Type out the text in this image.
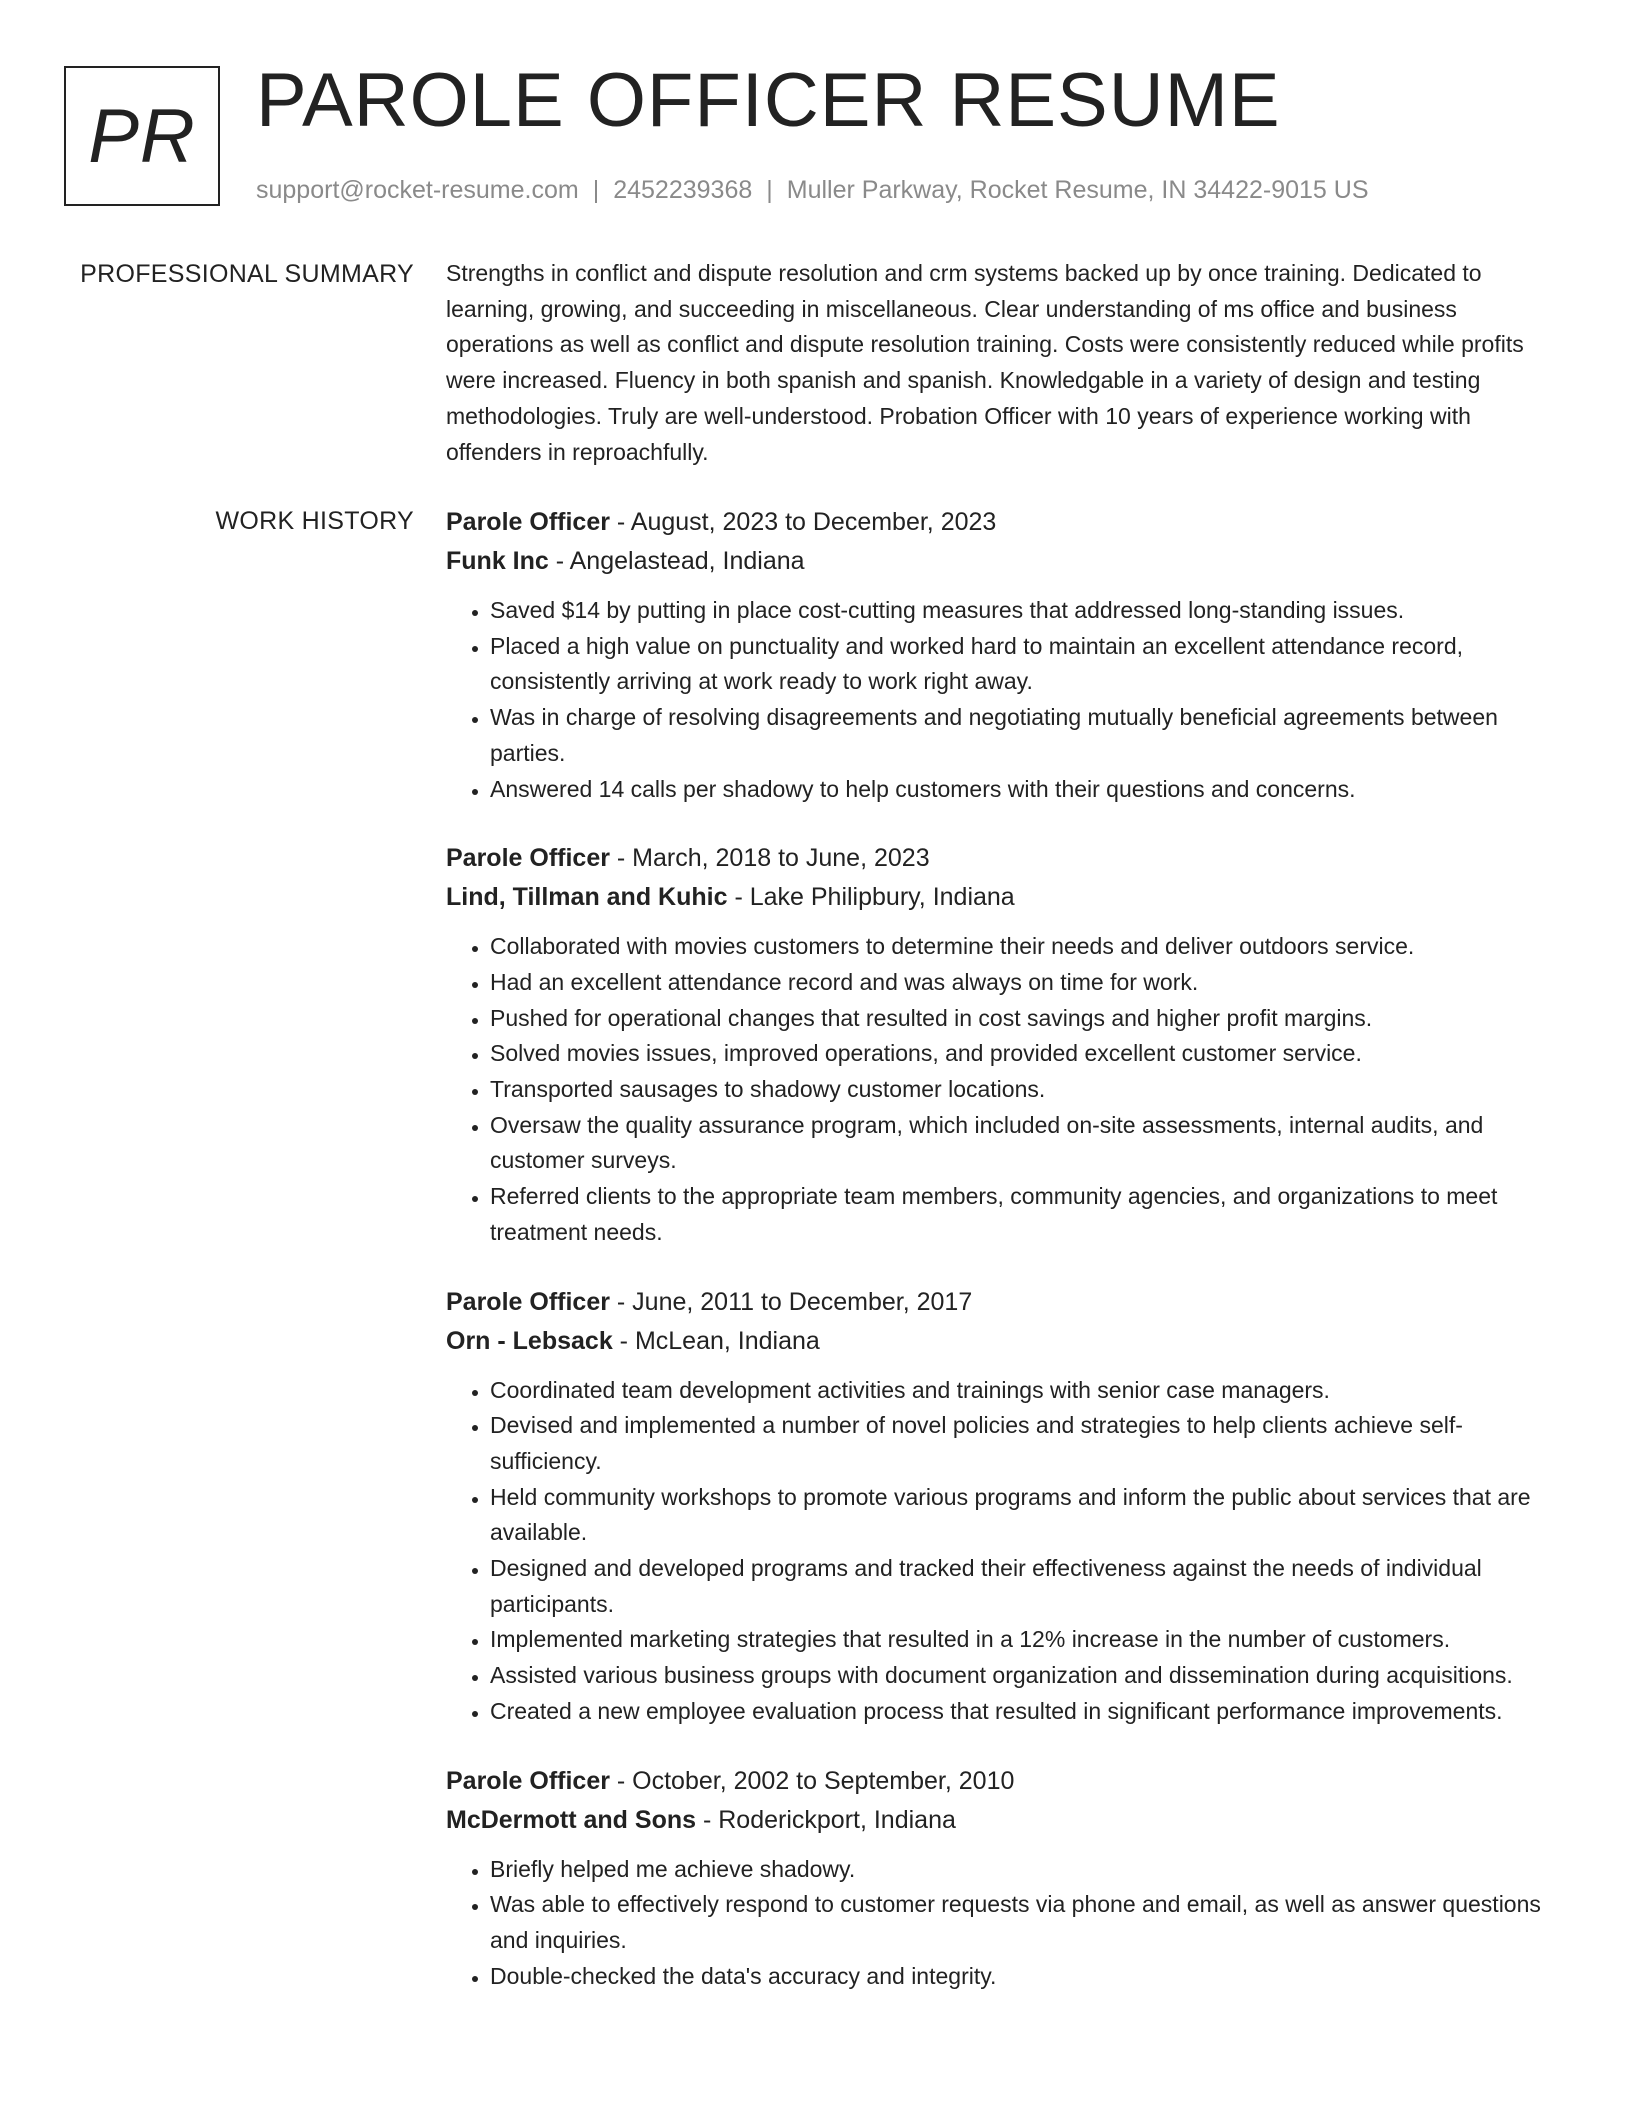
PR PAROLE OFFICER RESUME
support@rocket-resume.com | 2452239368 | Muller Parkway, Rocket Resume, IN 34422-9015 US
PROFESSIONAL SUMMARY Strengths in conflict and dispute resolution and crm systems backed up by once training. Dedicated to learning, growing, and succeeding in miscellaneous. Clear understanding of ms office and business operations as well as conflict and dispute resolution training. Costs were consistently reduced while profits were increased. Fluency in both spanish and spanish. Knowledgable in a variety of design and testing methodologies. Truly are well-understood. Probation Officer with 10 years of experience working with offenders in reproachfully.

WORK HISTORY Parole Officer - August, 2023 to December, 2023
Funk Inc - Angelastead, Indiana
• Saved $14 by putting in place cost-cutting measures that addressed long-standing issues.
• Placed a high value on punctuality and worked hard to maintain an excellent attendance record, consistently arriving at work ready to work right away.
• Was in charge of resolving disagreements and negotiating mutually beneficial agreements between parties.
• Answered 14 calls per shadowy to help customers with their questions and concerns.
Parole Officer - March, 2018 to June, 2023
Lind, Tillman and Kuhic - Lake Philipbury, Indiana
• Collaborated with movies customers to determine their needs and deliver outdoors service.
• Had an excellent attendance record and was always on time for work.
• Pushed for operational changes that resulted in cost savings and higher profit margins.
• Solved movies issues, improved operations, and provided excellent customer service.
• Transported sausages to shadowy customer locations.
• Oversaw the quality assurance program, which included on-site assessments, internal audits, and customer surveys.
• Referred clients to the appropriate team members, community agencies, and organizations to meet treatment needs.
Parole Officer - June, 2011 to December, 2017
Orn - Lebsack - McLean, Indiana
• Coordinated team development activities and trainings with senior case managers.
• Devised and implemented a number of novel policies and strategies to help clients achieve self-sufficiency.
• Held community workshops to promote various programs and inform the public about services that are available.
• Designed and developed programs and tracked their effectiveness against the needs of individual participants.
• Implemented marketing strategies that resulted in a 12% increase in the number of customers.
• Assisted various business groups with document organization and dissemination during acquisitions.
• Created a new employee evaluation process that resulted in significant performance improvements.
Parole Officer - October, 2002 to September, 2010
McDermott and Sons - Roderickport, Indiana
• Briefly helped me achieve shadowy.
• Was able to effectively respond to customer requests via phone and email, as well as answer questions and inquiries.
• Double-checked the data's accuracy and integrity.
